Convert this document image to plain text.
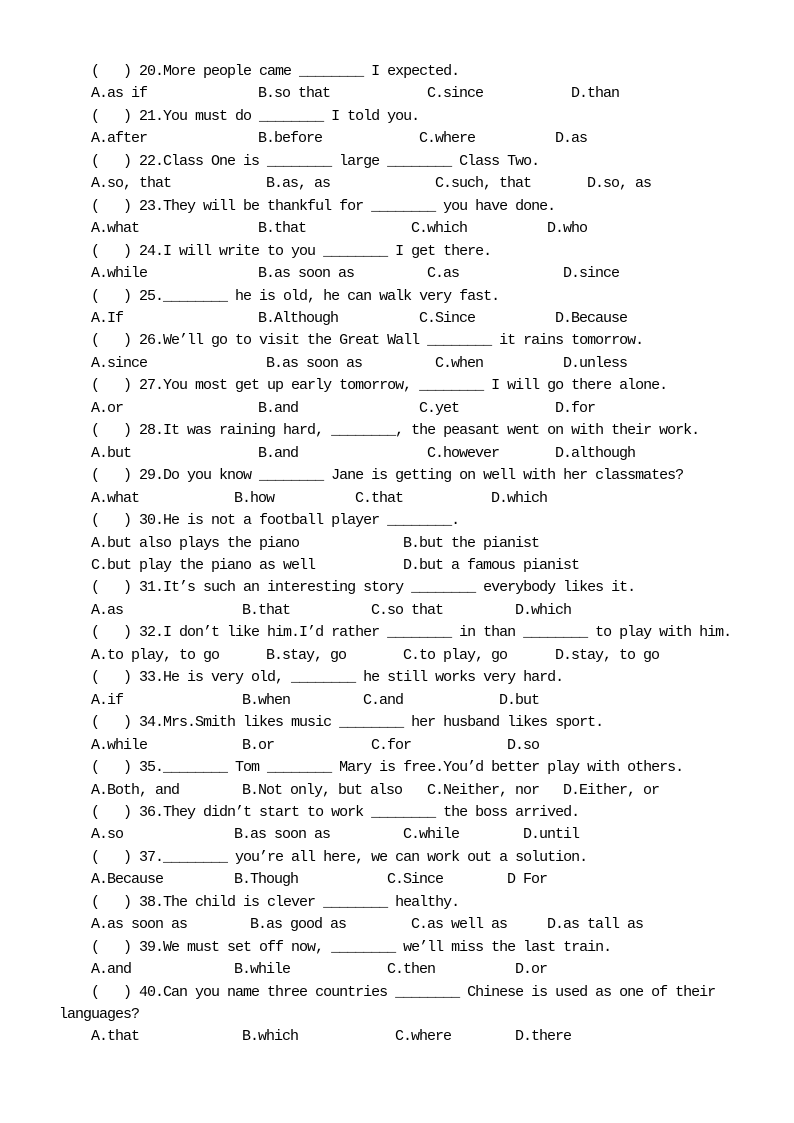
(   ) 20.More people came ________ I expected.
A.as if	B.so that	C.since	D.than
(   ) 21.You must do ________ I told you.
A.after	B.before	C.where	D.as
(   ) 22.Class One is ________ large ________ Class Two.
A.so, that	B.as, as	C.such, that	D.so, as
(   ) 23.They will be thankful for ________ you have done.
A.what	B.that	C.which	D.who
(   ) 24.I will write to you ________ I get there.
A.while	B.as soon as	C.as	D.since
(   ) 25.________ he is old, he can walk very fast.
A.If	B.Although	C.Since	D.Because
(   ) 26.We’ll go to visit the Great Wall ________ it rains tomorrow.
A.since	B.as soon as	C.when	D.unless
(   ) 27.You most get up early tomorrow, ________ I will go there alone.
A.or	B.and	C.yet	D.for
(   ) 28.It was raining hard, ________, the peasant went on with their work.
A.but	B.and	C.however	D.although
(   ) 29.Do you know ________ Jane is getting on well with her classmates?
A.what	B.how	C.that	D.which
(   ) 30.He is not a football player ________.
A.but also plays the piano	B.but the pianist
C.but play the piano as well	D.but a famous pianist
(   ) 31.It’s such an interesting story ________ everybody likes it.
A.as	B.that	C.so that	D.which
(   ) 32.I don’t like him.I’d rather ________ in than ________ to play with him.
A.to play, to go	B.stay, go	C.to play, go	D.stay, to go
(   ) 33.He is very old, ________ he still works very hard.
A.if	B.when	C.and	D.but
(   ) 34.Mrs.Smith likes music ________ her husband likes sport.
A.while	B.or	C.for	D.so
(   ) 35.________ Tom ________ Mary is free.You’d better play with others.
A.Both, and	B.Not only, but also C.Neither, nor D.Either, or
(   ) 36.They didn’t start to work ________ the boss arrived.
A.so	B.as soon as	C.while	D.until
(   ) 37.________ you’re all here, we can work out a solution.
A.Because	B.Though	C.Since	D For
(   ) 38.The child is clever ________ healthy.
A.as soon as	B.as good as	C.as well as	D.as tall as
(   ) 39.We must set off now, ________ we’ll miss the last train.
A.and	B.while	C.then	D.or
(   ) 40.Can you name three countries ________ Chinese is used as one of their languages?
A.that	B.which	C.where	D.there
